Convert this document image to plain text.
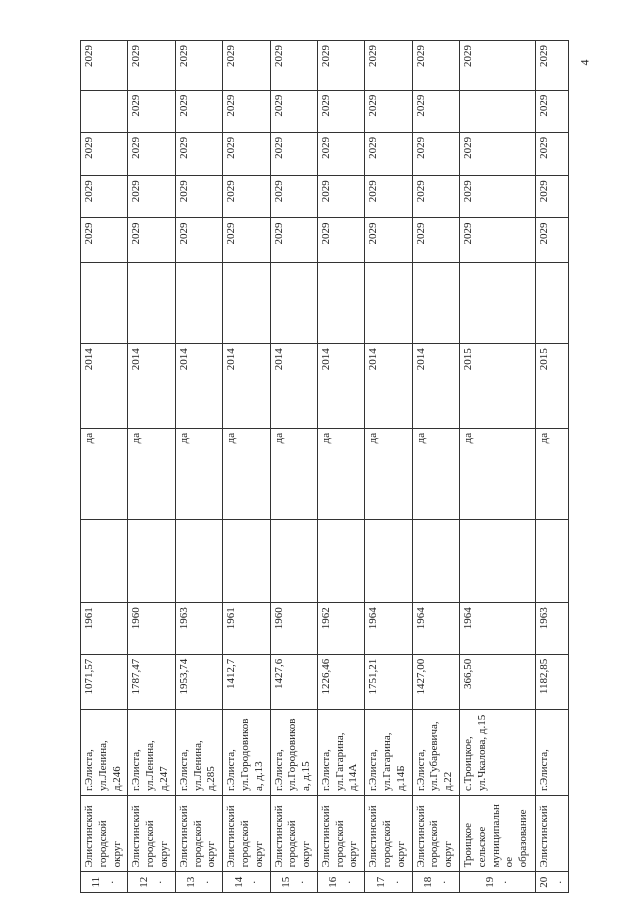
11.	Элистинский городской округ	г.Элиста, ул.Ленина, д.246	1071,57	1961		да	2014		2029	2029	2029		2029
12.	Элистинский городской округ	г.Элиста, ул.Ленина, д.247	1787,47	1960		да	2014		2029	2029	2029	2029	2029
13.	Элистинский городской округ	г.Элиста, ул.Ленина, д.285	1953,74	1963		да	2014		2029	2029	2029	2029	2029
14.	Элистинский городской округ	г.Элиста, ул.Городовикова, д.13	1412,7	1961		да	2014		2029	2029	2029	2029	2029
15.	Элистинский городской округ	г.Элиста, ул.Городовикова, д.15	1427,6	1960		да	2014		2029	2029	2029	2029	2029
16.	Элистинский городской округ	г.Элиста, ул.Гагарина, д.14А	1226,46	1962		да	2014		2029	2029	2029	2029	2029
17.	Элистинский городской округ	г.Элиста, ул.Гагарина, д.14Б	1751,21	1964		да	2014		2029	2029	2029	2029	2029
18.	Элистинский городской округ	г.Элиста, ул.Губаревича, д.22	1427,00	1964		да	2014		2029	2029	2029	2029	2029
19.	Троицкое сельское муниципальное образование	с.Троицкое, ул.Чкалова, д.15	366,50	1964		да	2015		2029	2029	2029		2029
20.	Элистинский	г.Элиста,	1182,85	1963		да	2015		2029	2029	2029	2029	2029 4
